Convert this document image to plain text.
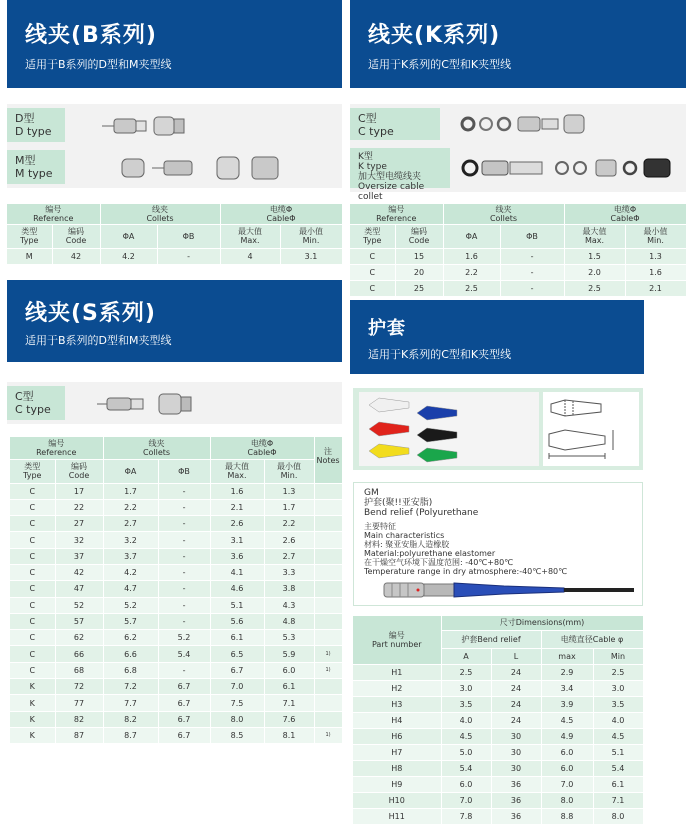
线夹(B系列)
适用于B系列的D型和M夹型线
D型
D type
M型
M type
编号
Reference		线夹
Collets		电缆Φ
CableΦ	
类型
Type	编码
Code	ΦA	ΦB	最大值
Max.	最小值
Min.
M	42	4.2	-	4	3.1
线夹(K系列)
适用于K系列的C型和K夹型线
C型
C type
K型
K type
加大型电缆线夹
Oversize cable collet
编号
Reference		线夹
Collets		电缆Φ
CableΦ	
类型
Type	编码
Code	ΦA	ΦB	最大值
Max.	最小值
Min.
C	15	1.6	-	1.5	1.3
C	20	2.2	-	2.0	1.6
C	25	2.5	-	2.5	2.1
线夹(S系列)
适用于B系列的D型和M夹型线
C型
C type
编号
Reference		线夹
Collets		电缆Φ
CableΦ		注
Notes
类型
Type	编码
Code	ΦA	ΦB	最大值
Max.	最小值
Min.	
C	17	1.7	-	1.6	1.3	
C	22	2.2	-	2.1	1.7	
C	27	2.7	-	2.6	2.2	
C	32	3.2	-	3.1	2.6	
C	37	3.7	-	3.6	2.7	
C	42	4.2	-	4.1	3.3	
C	47	4.7	-	4.6	3.8	
C	52	5.2	-	5.1	4.3	
C	57	5.7	-	5.6	4.8	
C	62	6.2	5.2	6.1	5.3	
C	66	6.6	5.4	6.5	5.9	1)
C	68	6.8	-	6.7	6.0	1)
K	72	7.2	6.7	7.0	6.1	
K	77	7.7	6.7	7.5	7.1	
K	82	8.2	6.7	8.0	7.6	
K	87	8.7	6.7	8.5	8.1	1)
护套
适用于K系列的C型和K夹型线
GM
护套(聚!!亚安脂)
Bend relief (Polyurethane
主要特征
Main characteristics
材料: 聚亚安脂人造橡胶
Material:polyurethane elastomer
在干燥空气环境下温度范围: -40℃+80℃
Temperature range in dry atmosphere:-40℃+80℃
编号
Part number	尺寸Dimensions(mm)			
	护套Bend relief		电缆直径Cable φ	
	A	L	max	Min
H1	2.5	24	2.9	2.5
H2	3.0	24	3.4	3.0
H3	3.5	24	3.9	3.5
H4	4.0	24	4.5	4.0
H6	4.5	30	4.9	4.5
H7	5.0	30	6.0	5.1
H8	5.4	30	6.0	5.4
H9	6.0	36	7.0	6.1
H10	7.0	36	8.0	7.1
H11	7.8	36	8.8	8.0
